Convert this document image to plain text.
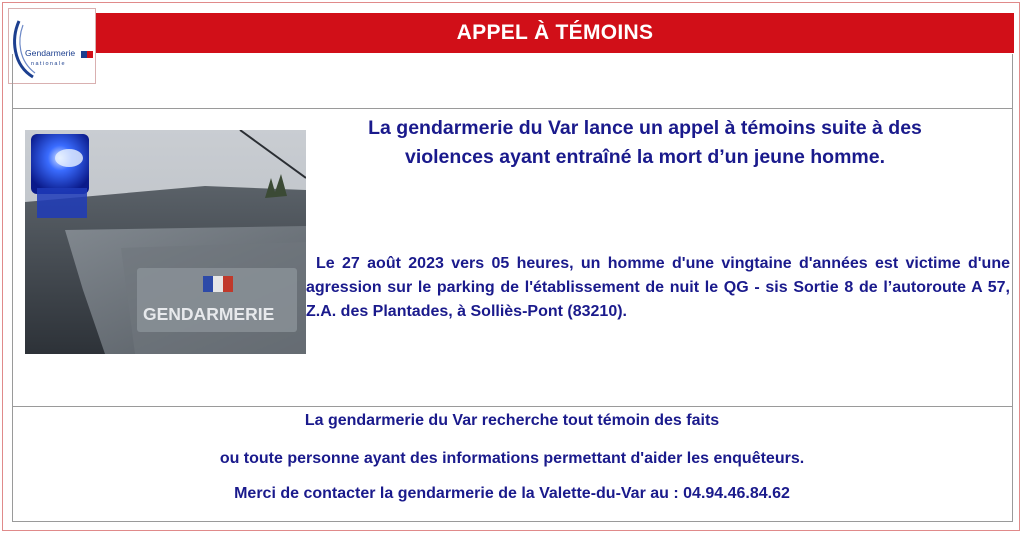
Gendarmerie
nationale
APPEL À TÉMOINS
GENDARMERIE
La gendarmerie du Var lance un appel à témoins suite à des violences ayant entraîné la mort d’un jeune homme.
Le 27 août 2023 vers 05 heures, un homme d'une vingtaine d'années est victime d'une agression sur le parking de l'établissement de nuit le QG - sis Sortie 8 de l’autoroute A 57, Z.A. des Plantades, à Solliès-Pont (83210).
La gendarmerie du Var recherche tout témoin des faits
ou toute personne ayant des informations permettant d'aider les enquêteurs.
Merci de contacter la gendarmerie de la Valette-du-Var au : 04.94.46.84.62
